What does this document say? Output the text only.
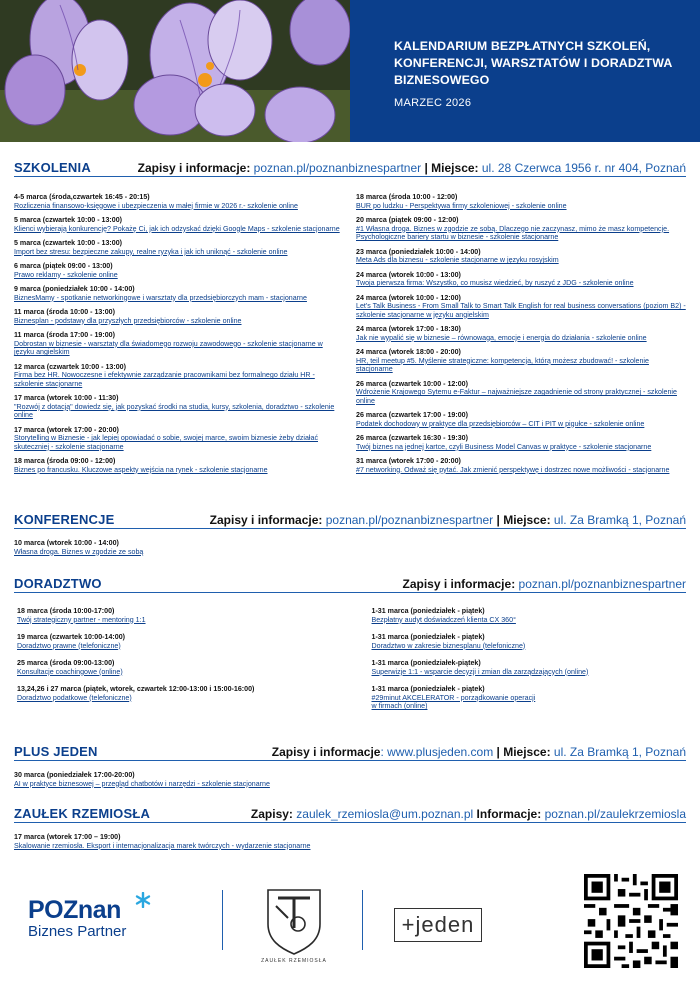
KALENDARIUM BEZPŁATNYCH SZKOLEŃ, KONFERENCJI, WARSZTATÓW I DORADZTWA BIZNESOWEGO
MARZEC 2026
SZKOLENIA	Zapisy i informacje: poznan.pl/poznanbiznespartner | Miejsce: ul. 28 Czerwca 1956 r. nr 404, Poznań
4-5 marca (środa,czwartek 16:45 - 20:15)
Rozliczenia finansowo-księgowe i ubezpieczenia w małej firmie w 2026 r.- szkolenie online
5 marca (czwartek 10:00 - 13:00)
Klienci wybierają konkurencję? Pokażę Ci, jak ich odzyskać dzięki Google Maps - szkolenie stacjonarne
5 marca (czwartek 10:00 - 13:00)
Import bez stresu: bezpieczne zakupy, realne ryzyka i jak ich uniknąć - szkolenie online
6 marca (piątek 09:00 - 13:00)
Prawo reklamy - szkolenie online
9 marca (poniedziałek 10:00 - 14:00)
BiznesMamy - spotkanie networkingowe i warsztaty dla przedsiębiorczych mam - stacjonarne
11 marca (środa 10:00 - 13:00)
Biznesplan - podstawy dla przyszłych przedsiębiorców - szkolenie online
11 marca (środa 17:00 - 19:00)
Dobrostan w biznesie - warsztaty dla świadomego rozwoju zawodowego - szkolenie stacjonarne w języku angielskim
12 marca (czwartek 10:00 - 13:00)
Firma bez HR. Nowoczesne i efektywnie zarządzanie pracownikami bez formalnego działu HR - szkolenie stacjonarne
17 marca (wtorek 10:00 - 11:30)
"Rozwój z dotacją" dowiedz się, jak pozyskać środki na studia, kursy, szkolenia, doradztwo - szkolenie online
17 marca (wtorek 17:00 - 20:00)
Storytelling w Biznesie - jak lepiej opowiadać o sobie, swojej marce, swoim biznesie żeby działać skuteczniej - szkolenie stacjonarne
18 marca (środa 09:00 - 12:00)
Biznes po francusku. Kluczowe aspekty wejścia na rynek - szkolenie stacjonarne
18 marca (środa 10:00 - 12:00)
BUR po ludzku - Perspektywa firmy szkoleniowej - szkolenie online
20 marca (piątek 09:00 - 12:00)
#1 Własna droga. Biznes w zgodzie ze sobą. Dlaczego nie zaczynasz, mimo że masz kompetencje. Psychologiczne bariery startu w biznesie - szkolenie stacjonarne
23 marca (poniedziałek 10:00 - 14:00)
Meta Ads dla biznesu - szkolenie stacjonarne w języku rosyjskim
24 marca (wtorek 10:00 - 13:00)
Twoja pierwsza firma: Wszystko, co musisz wiedzieć, by ruszyć z JDG - szkolenie online
24 marca (wtorek 10:00 - 12:00)
Let's Talk Business - From Small Talk to Smart Talk English for real business conversations (poziom B2) - szkolenie stacjonarne w języku angielskim
24 marca (wtorek 17:00 - 18:30)
Jak nie wypalić się w biznesie – równowaga, emocje i energia do działania - szkolenie online
24 marca (wtorek 18:00 - 20:00)
HR, teil meetup #5. Myślenie strategiczne: kompetencja, którą możesz zbudować! - szkolenie stacjonarne
26 marca (czwartek 10:00 - 12:00)
Wdrożenie Krajowego Sytemu e-Faktur – najważniejsze zagadnienie od strony praktycznej - szkolenie online
26 marca (czwartek 17:00 - 19:00)
Podatek dochodowy w praktyce dla przedsiębiorców – CIT i PIT w pigułce - szkolenie online
26 marca (czwartek 16:30 - 19:30)
Twój biznes na jednej kartce, czyli Business Model Canvas w praktyce - szkolenie stacjonarne
31 marca (wtorek 17:00 - 20:00)
#7 networking. Odważ się pytać. Jak zmienić perspektywę i dostrzec nowe możliwości - stacjonarne
KONFERENCJE	Zapisy i informacje: poznan.pl/poznanbiznespartner | Miejsce: ul. Za Bramką 1, Poznań
10 marca (wtorek 10:00 - 14:00)
Własna droga. Biznes w zgodzie ze sobą
DORADZTWO	Zapisy i informacje: poznan.pl/poznanbiznespartner
18 marca (środa 10:00-17:00)
Twój strategiczny partner - mentoring 1:1
19 marca (czwartek 10:00-14:00)
Doradztwo prawne (telefoniczne)
25 marca (środa 09:00-13:00)
Konsultacje coachingowe (online)
13,24,26 i 27 marca (piątek, wtorek, czwartek 12:00-13:00 i 15:00-16:00)
Doradztwo podatkowe (telefoniczne)
1-31 marca (poniedziałek - piątek)
Bezpłatny audyt doświadczeń klienta CX 360°
1-31 marca (poniedziałek - piątek)
Doradztwo w zakresie biznesplanu (telefoniczne)
1-31 marca (poniedziałek-piątek)
Superwizje 1:1 - wsparcie decyzji i zmian dla zarządzających (online)
1-31 marca (poniedziałek - piątek)
#29minut AKCELERATOR - porządkowanie operacji w firmach (online)
PLUS JEDEN	Zapisy i informacje: www.plusjeden.com | Miejsce: ul. Za Bramką 1, Poznań
30 marca (poniedziałek 17:00-20:00)
AI w praktyce biznesowej – przegląd chatbotów i narzędzi - szkolenie stacjonarne
ZAUŁEK RZEMIOSŁA	Zapisy: zaulek_rzemiosla@um.poznan.pl Informacje: poznan.pl/zaulekrzemiosla
17 marca (wtorek 17:00 – 19:00)
Skalowanie rzemiosła. Eksport i internacjonalizacja marek twórczych - wydarzenie stacjonarne
POZnan
Biznes Partner
ZAUŁEK RZEMIOSŁA
+jeden
